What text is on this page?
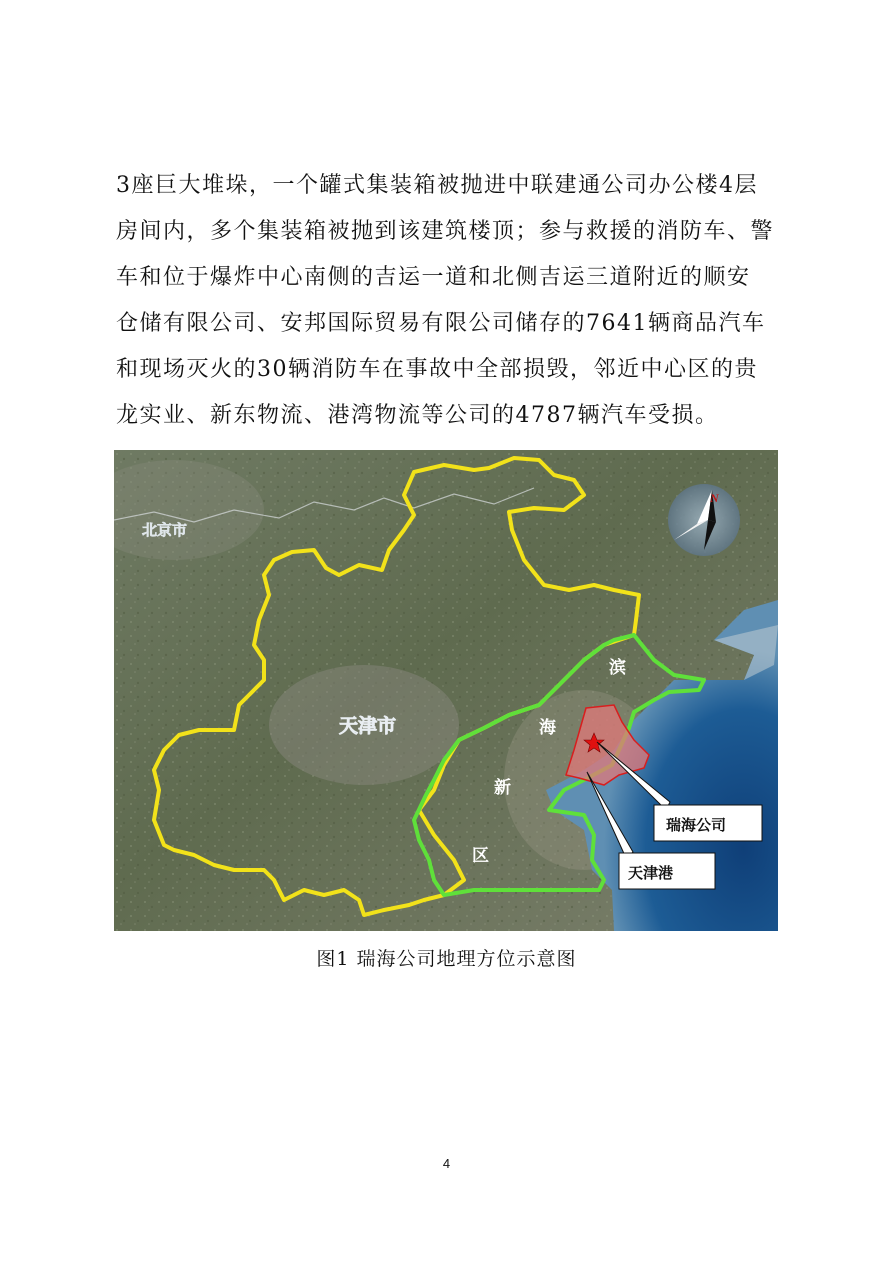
3座巨大堆垛，一个罐式集装箱被抛进中联建通公司办公楼4层
房间内，多个集装箱被抛到该建筑楼顶；参与救援的消防车、警
车和位于爆炸中心南侧的吉运一道和北侧吉运三道附近的顺安
仓储有限公司、安邦国际贸易有限公司储存的7641辆商品汽车
和现场灭火的30辆消防车在事故中全部损毁，邻近中心区的贵
龙实业、新东物流、港湾物流等公司的4787辆汽车受损。
瑞海公司
天津港
北京市
天津市
滨
海
新
区
N
图1 瑞海公司地理方位示意图
4
